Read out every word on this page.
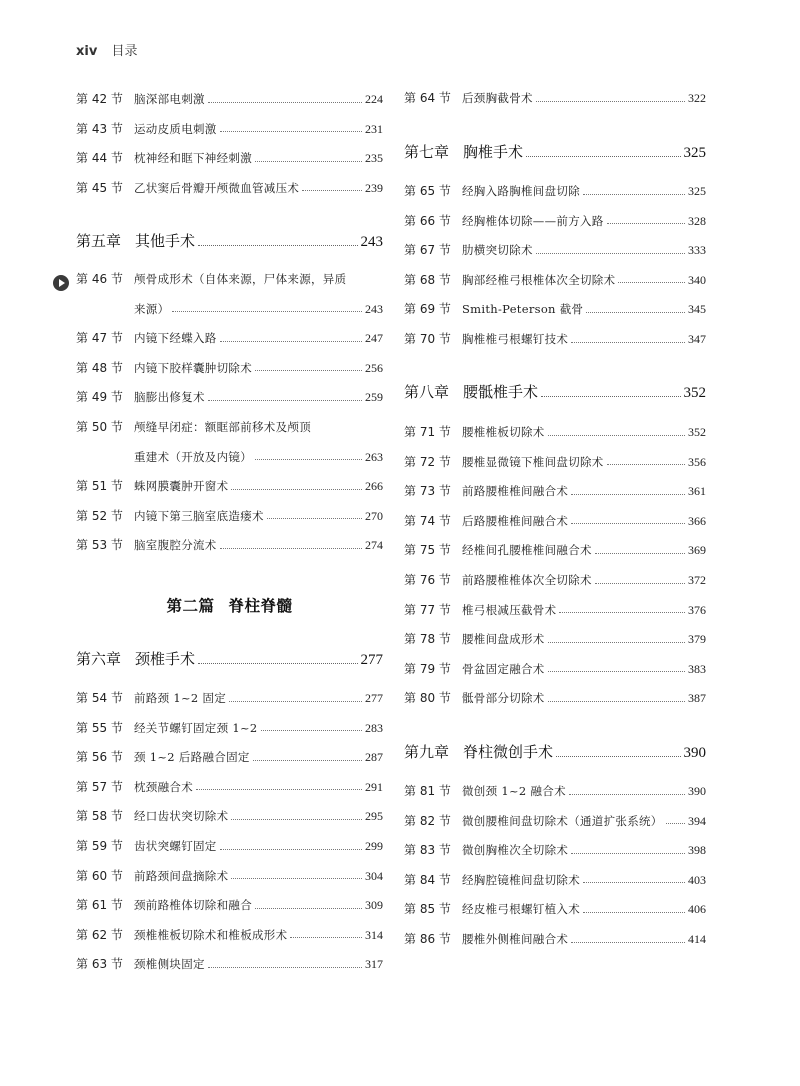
xiv 目录
第 42 节 脑深部电刺激	224
第 43 节 运动皮质电刺激	231
第 44 节 枕神经和眶下神经刺激	235
第 45 节 乙状窦后骨瓣开颅微血管减压术	239
第五章 其他手术	243
第 46 节 颅骨成形术（自体来源，尸体来源，异质
来源）	243
第 47 节 内镜下经蝶入路	247
第 48 节 内镜下胶样囊肿切除术	256
第 49 节 脑膨出修复术	259
第 50 节 颅缝早闭症：额眶部前移术及颅顶
重建术（开放及内镜）	263
第 51 节 蛛网膜囊肿开窗术	266
第 52 节 内镜下第三脑室底造瘘术	270
第 53 节 脑室腹腔分流术	274
第六章 颈椎手术	277
第 54 节 前路颈 1~2 固定	277
第 55 节 经关节螺钉固定颈 1~2	283
第 56 节 颈 1~2 后路融合固定	287
第 57 节 枕颈融合术	291
第 58 节 经口齿状突切除术	295
第 59 节 齿状突螺钉固定	299
第 60 节 前路颈间盘摘除术	304
第 61 节 颈前路椎体切除和融合	309
第 62 节 颈椎椎板切除术和椎板成形术	314
第 63 节 颈椎侧块固定	317
第 64 节 后颈胸截骨术	322
第七章 胸椎手术	325
第 65 节 经胸入路胸椎间盘切除	325
第 66 节 经胸椎体切除——前方入路	328
第 67 节 肋横突切除术	333
第 68 节 胸部经椎弓根椎体次全切除术	340
第 69 节 Smith-Peterson 截骨	345
第 70 节 胸椎椎弓根螺钉技术	347
第八章 腰骶椎手术	352
第 71 节 腰椎椎板切除术	352
第 72 节 腰椎显微镜下椎间盘切除术	356
第 73 节 前路腰椎椎间融合术	361
第 74 节 后路腰椎椎间融合术	366
第 75 节 经椎间孔腰椎椎间融合术	369
第 76 节 前路腰椎椎体次全切除术	372
第 77 节 椎弓根减压截骨术	376
第 78 节 腰椎间盘成形术	379
第 79 节 骨盆固定融合术	383
第 80 节 骶骨部分切除术	387
第九章 脊柱微创手术	390
第 81 节 微创颈 1~2 融合术	390
第 82 节 微创腰椎间盘切除术（通道扩张系统） 394
第 83 节 微创胸椎次全切除术	398
第 84 节 经胸腔镜椎间盘切除术	403
第 85 节 经皮椎弓根螺钉植入术	406
第 86 节 腰椎外侧椎间融合术	414
第二篇 脊柱脊髓
